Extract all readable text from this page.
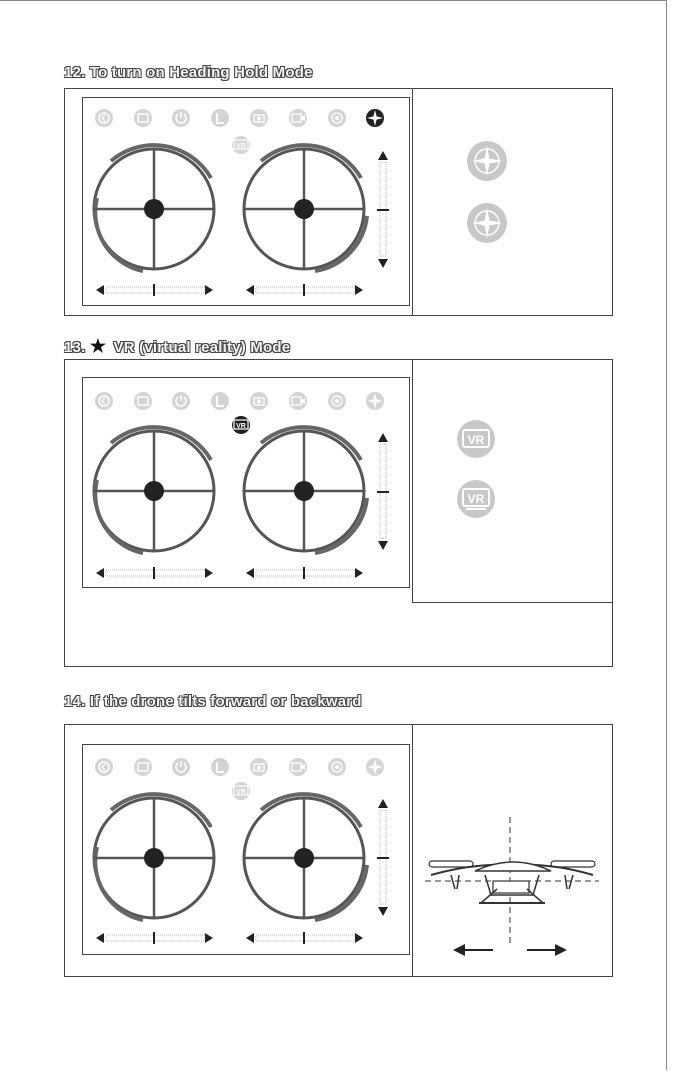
12. To turn on Heading Hold Mode
VR
13. ★ VR (virtual reality) Mode
VR
VR
VR
14. If the drone tilts forward or backward
VR
